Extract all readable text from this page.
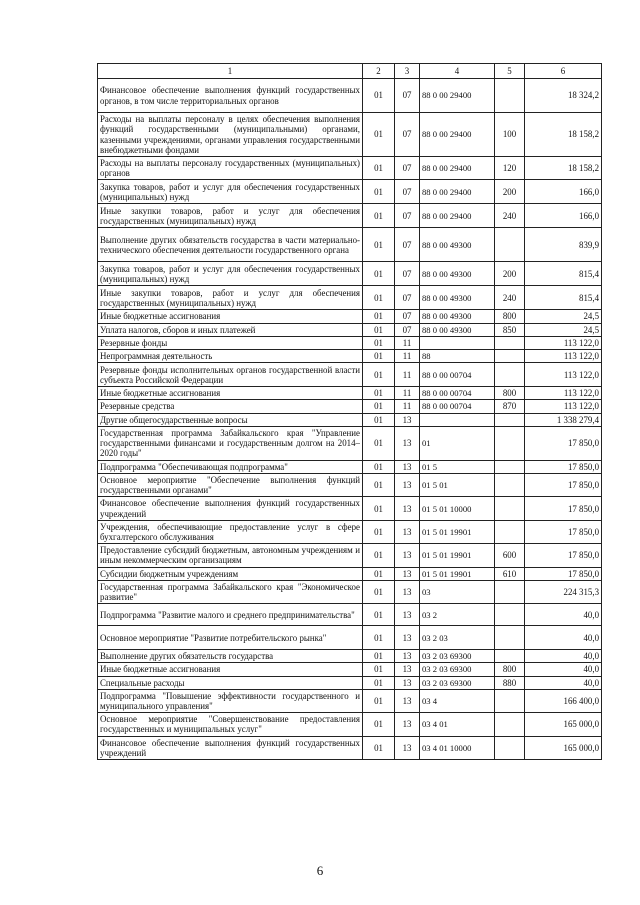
1	2	3	4	5	6
Финансовое обеспечение выполнения функций государственных органов, в том числе территориальных органов	01	07	88 0 00 29400		18 324,2
Расходы на выплаты персоналу в целях обеспечения выполнения функций государственными (муниципальными) органами, казенными учреждениями, органами управления государственными внебюджетными фондами	01	07	88 0 00 29400	100	18 158,2
Расходы на выплаты персоналу государственных (муниципальных) органов	01	07	88 0 00 29400	120	18 158,2
Закупка товаров, работ и услуг для обеспечения государственных (муниципальных) нужд	01	07	88 0 00 29400	200	166,0
Иные закупки товаров, работ и услуг для обеспечения государственных (муниципальных) нужд	01	07	88 0 00 29400	240	166,0
Выполнение других обязательств государства в части материально-технического обеспечения деятельности государственного органа	01	07	88 0 00 49300		839,9
Закупка товаров, работ и услуг для обеспечения государственных (муниципальных) нужд	01	07	88 0 00 49300	200	815,4
Иные закупки товаров, работ и услуг для обеспечения государственных (муниципальных) нужд	01	07	88 0 00 49300	240	815,4
Иные бюджетные ассигнования	01	07	88 0 00 49300	800	24,5
Уплата налогов, сборов и иных платежей	01	07	88 0 00 49300	850	24,5
Резервные фонды	01	11			113 122,0
Непрограммная деятельность	01	11	88		113 122,0
Резервные фонды исполнительных органов государственной власти субъекта Российской Федерации	01	11	88 0 00 00704		113 122,0
Иные бюджетные ассигнования	01	11	88 0 00 00704	800	113 122,0
Резервные средства	01	11	88 0 00 00704	870	113 122,0
Другие общегосударственные вопросы	01	13			1 338 279,4
Государственная программа Забайкальского края "Управление государственными финансами и государственным долгом на 2014–2020 годы"	01	13	01		17 850,0
Подпрограмма "Обеспечивающая подпрограмма"	01	13	01 5		17 850,0
Основное мероприятие "Обеспечение выполнения функций государственными органами"	01	13	01 5 01		17 850,0
Финансовое обеспечение выполнения функций государственных учреждений	01	13	01 5 01 10000		17 850,0
Учреждения, обеспечивающие предоставление услуг в сфере бухгалтерского обслуживания	01	13	01 5 01 19901		17 850,0
Предоставление субсидий бюджетным, автономным учреждениям и иным некоммерческим организациям	01	13	01 5 01 19901	600	17 850,0
Субсидии бюджетным учреждениям	01	13	01 5 01 19901	610	17 850,0
Государственная программа Забайкальского края "Экономическое развитие"	01	13	03		224 315,3
Подпрограмма "Развитие малого и среднего предпринимательства"	01	13	03 2		40,0
Основное мероприятие "Развитие потребительского рынка"	01	13	03 2 03		40,0
Выполнение других обязательств государства	01	13	03 2 03 69300		40,0
Иные бюджетные ассигнования	01	13	03 2 03 69300	800	40,0
Специальные расходы	01	13	03 2 03 69300	880	40,0
Подпрограмма "Повышение эффективности государственного и муниципального управления"	01	13	03 4		166 400,0
Основное мероприятие "Совершенствование предоставления государственных и муниципальных услуг"	01	13	03 4 01		165 000,0
Финансовое обеспечение выполнения функций государственных учреждений	01	13	03 4 01 10000		165 000,0
6
